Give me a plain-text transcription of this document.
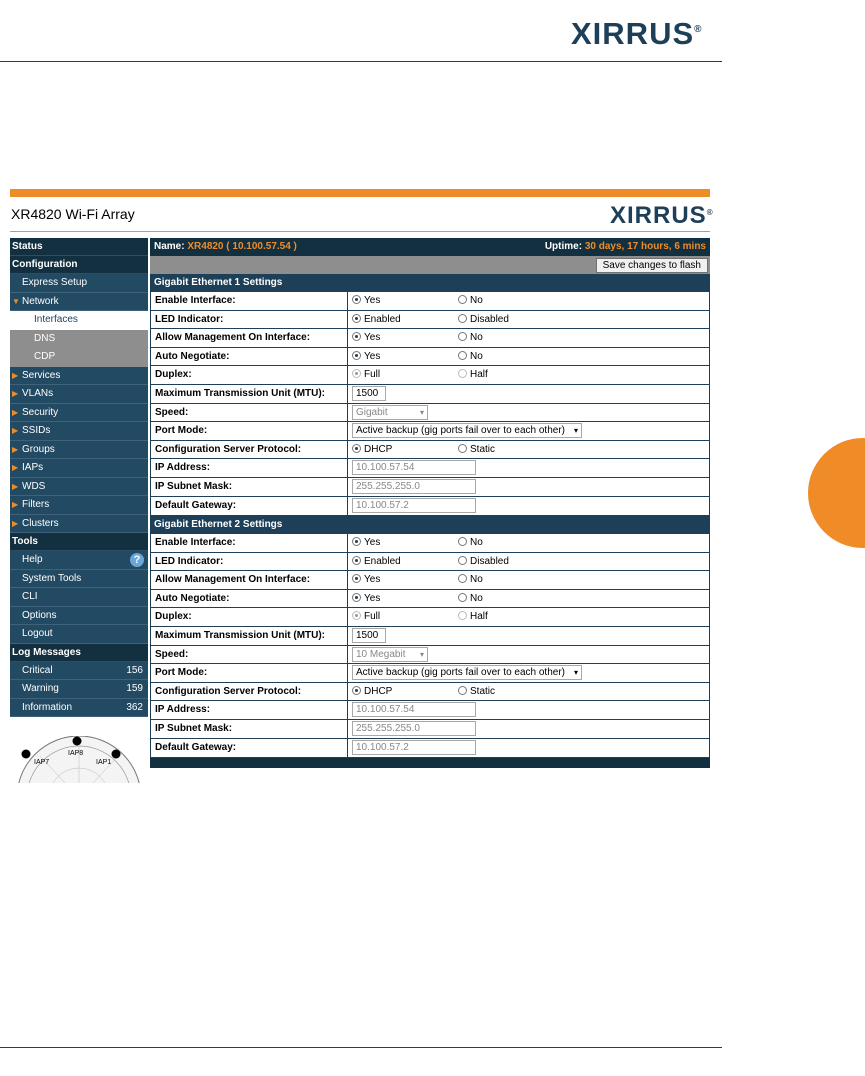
XIRRUS®
XR4820 Wi-Fi Array	XIRRUS®
Status
Configuration
Express Setup
▼ Network
Interfaces
DNS
CDP
▶ Services
▶ VLANs
▶ Security
▶ SSIDs
▶ Groups
▶ IAPs
▶ WDS
▶ Filters
▶ Clusters
Tools
Help	?
System Tools
CLI
Options
Logout
Log Messages
Critical	156
Warning	159
Information	362
IAP8
IAP7	IAP1
Name: XR4820 ( 10.100.57.54 )	Uptime: 30 days, 17 hours, 6 mins
Save changes to flash
Gigabit Ethernet 1 Settings
Enable Interface:	Yes	No
LED Indicator:	Enabled	Disabled
Allow Management On Interface:	Yes	No
Auto Negotiate:	Yes	No
Duplex:	Full	Half
Maximum Transmission Unit (MTU):	1500
Speed:	Gigabit	▾
Port Mode:	Active backup (gig ports fail over to each other) ▾
Configuration Server Protocol:	DHCP	Static
IP Address:	10.100.57.54
IP Subnet Mask:	255.255.255.0
Default Gateway:	10.100.57.2
Gigabit Ethernet 2 Settings
Enable Interface:	Yes	No
LED Indicator:	Enabled	Disabled
Allow Management On Interface:	Yes	No
Auto Negotiate:	Yes	No
Duplex:	Full	Half
Maximum Transmission Unit (MTU):	1500
Speed:	10 Megabit ▾
Port Mode:	Active backup (gig ports fail over to each other) ▾
Configuration Server Protocol:	DHCP	Static
IP Address:	10.100.57.54
IP Subnet Mask:	255.255.255.0
Default Gateway:	10.100.57.2
